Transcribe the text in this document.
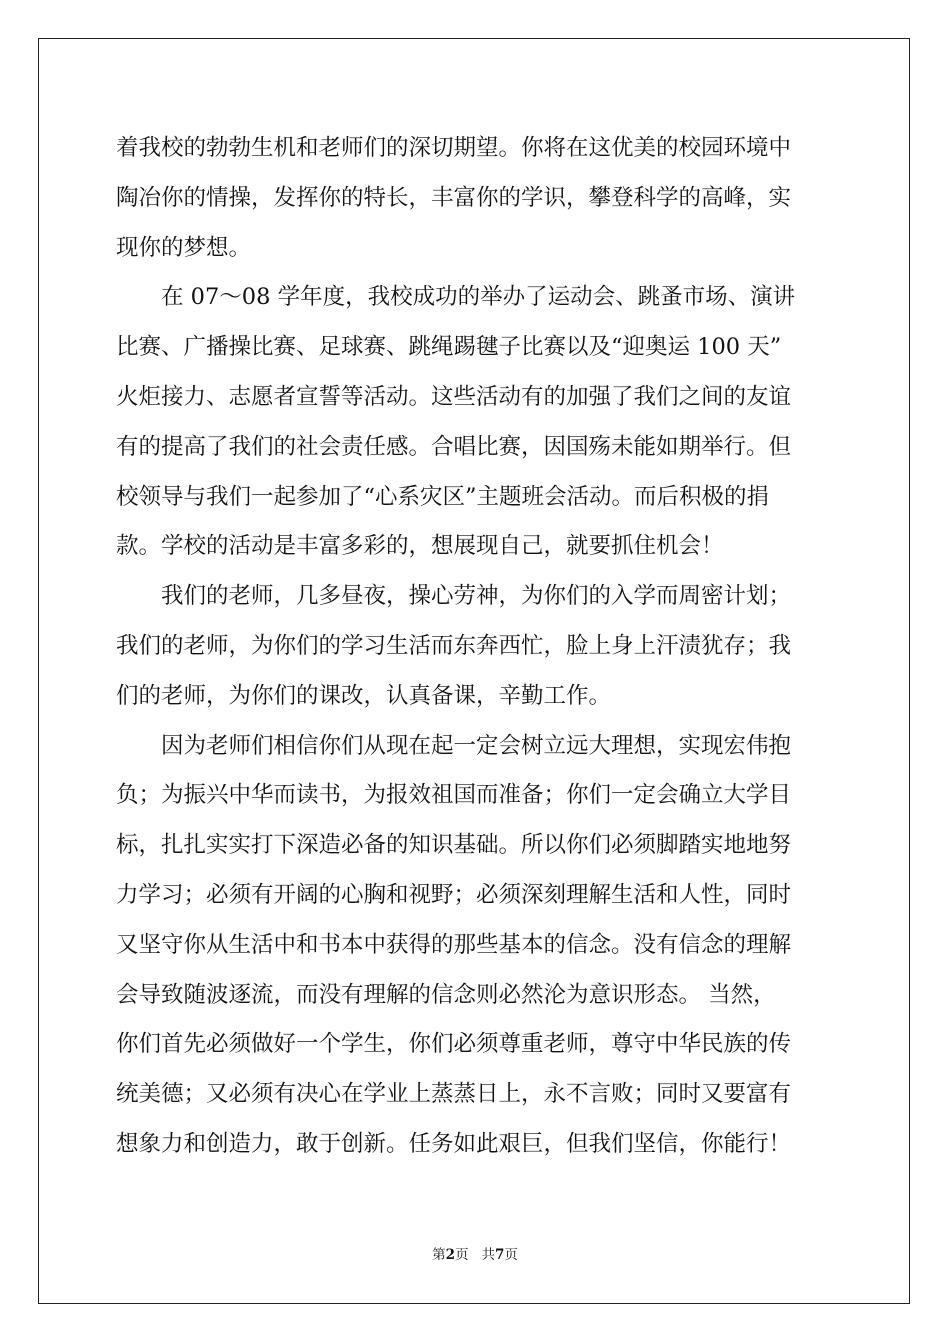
着我校的勃勃生机和老师们的深切期望。你将在这优美的校园环境中
陶冶你的情操，发挥你的特长，丰富你的学识，攀登科学的高峰，实
现你的梦想。
在 07～08 学年度，我校成功的举办了运动会、跳蚤市场、演讲
比赛、广播操比赛、足球赛、跳绳踢毽子比赛以及“迎奥运 100 天”
火炬接力、志愿者宣誓等活动。这些活动有的加强了我们之间的友谊
有的提高了我们的社会责任感。合唱比赛，因国殇未能如期举行。但
校领导与我们一起参加了“心系灾区”主题班会活动。而后积极的捐
款。学校的活动是丰富多彩的，想展现自己，就要抓住机会！
我们的老师，几多昼夜，操心劳神，为你们的入学而周密计划；
我们的老师，为你们的学习生活而东奔西忙，脸上身上汗渍犹存；我
们的老师，为你们的课改，认真备课，辛勤工作。
因为老师们相信你们从现在起一定会树立远大理想，实现宏伟抱
负；为振兴中华而读书，为报效祖国而准备；你们一定会确立大学目
标，扎扎实实打下深造必备的知识基础。所以你们必须脚踏实地地努
力学习；必须有开阔的心胸和视野；必须深刻理解生活和人性，同时
又坚守你从生活中和书本中获得的那些基本的信念。没有信念的理解
会导致随波逐流，而没有理解的信念则必然沦为意识形态。 当然，
你们首先必须做好一个学生，你们必须尊重老师，尊守中华民族的传
统美德；又必须有决心在学业上蒸蒸日上，永不言败；同时又要富有
想象力和创造力，敢于创新。任务如此艰巨，但我们坚信，你能行！
第2页 共7页
